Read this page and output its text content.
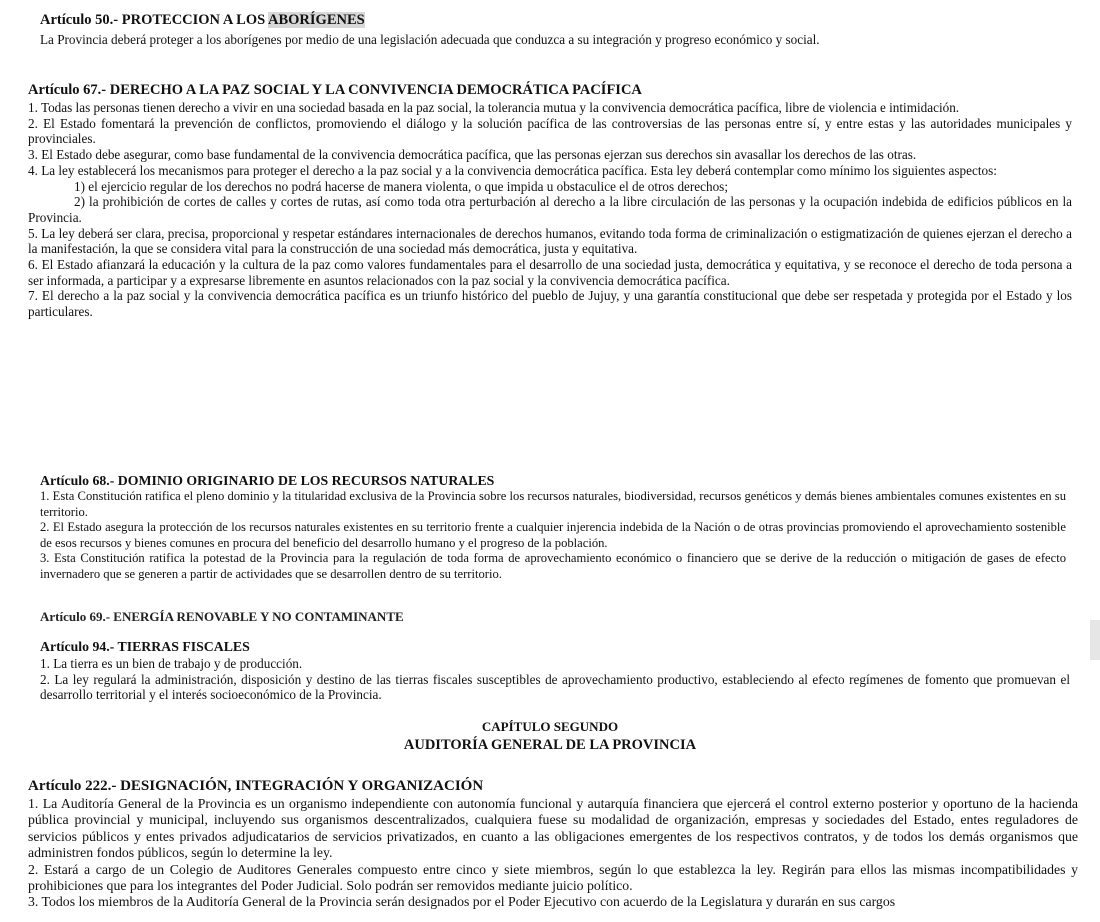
Artículo 50.- PROTECCION A LOS ABORÍGENES
La Provincia deberá proteger a los aborígenes por medio de una legislación adecuada que conduzca a su integración y progreso económico y social.
Artículo 67.- DERECHO A LA PAZ SOCIAL Y LA CONVIVENCIA DEMOCRÁTICA PACÍFICA
1. Todas las personas tienen derecho a vivir en una sociedad basada en la paz social, la tolerancia mutua y la convivencia democrática pacífica, libre de violencia e intimidación.
2. El Estado fomentará la prevención de conflictos, promoviendo el diálogo y la solución pacífica de las controversias de las personas entre sí, y entre estas y las autoridades municipales y provinciales.
3. El Estado debe asegurar, como base fundamental de la convivencia democrática pacífica, que las personas ejerzan sus derechos sin avasallar los derechos de las otras.
4. La ley establecerá los mecanismos para proteger el derecho a la paz social y a la convivencia democrática pacífica. Esta ley deberá contemplar como mínimo los siguientes aspectos:
1) el ejercicio regular de los derechos no podrá hacerse de manera violenta, o que impida u obstaculice el de otros derechos;
2) la prohibición de cortes de calles y cortes de rutas, así como toda otra perturbación al derecho a la libre circulación de las personas y la ocupación indebida de edificios públicos en la Provincia.
5. La ley deberá ser clara, precisa, proporcional y respetar estándares internacionales de derechos humanos, evitando toda forma de criminalización o estigmatización de quienes ejerzan el derecho a la manifestación, la que se considera vital para la construcción de una sociedad más democrática, justa y equitativa.
6. El Estado afianzará la educación y la cultura de la paz como valores fundamentales para el desarrollo de una sociedad justa, democrática y equitativa, y se reconoce el derecho de toda persona a ser informada, a participar y a expresarse libremente en asuntos relacionados con la paz social y la convivencia democrática pacífica.
7. El derecho a la paz social y la convivencia democrática pacífica es un triunfo histórico del pueblo de Jujuy, y una garantía constitucional que debe ser respetada y protegida por el Estado y los particulares.
Artículo 68.- DOMINIO ORIGINARIO DE LOS RECURSOS NATURALES
1. Esta Constitución ratifica el pleno dominio y la titularidad exclusiva de la Provincia sobre los recursos naturales, biodiversidad, recursos genéticos y demás bienes ambientales comunes existentes en su territorio.
2. El Estado asegura la protección de los recursos naturales existentes en su territorio frente a cualquier injerencia indebida de la Nación o de otras provincias promoviendo el aprovechamiento sostenible de esos recursos y bienes comunes en procura del beneficio del desarrollo humano y el progreso de la población.
3. Esta Constitución ratifica la potestad de la Provincia para la regulación de toda forma de aprovechamiento económico o financiero que se derive de la reducción o mitigación de gases de efecto invernadero que se generen a partir de actividades que se desarrollen dentro de su territorio.
Artículo 69.- ENERGÍA RENOVABLE Y NO CONTAMINANTE
Artículo 94.- TIERRAS FISCALES
1. La tierra es un bien de trabajo y de producción.
2. La ley regulará la administración, disposición y destino de las tierras fiscales susceptibles de aprovechamiento productivo, estableciendo al efecto regímenes de fomento que promuevan el desarrollo territorial y el interés socioeconómico de la Provincia.
CAPÍTULO SEGUNDO
AUDITORÍA GENERAL DE LA PROVINCIA
Artículo 222.- DESIGNACIÓN, INTEGRACIÓN Y ORGANIZACIÓN
1. La Auditoría General de la Provincia es un organismo independiente con autonomía funcional y autarquía financiera que ejercerá el control externo posterior y oportuno de la hacienda pública provincial y municipal, incluyendo sus organismos descentralizados, cualquiera fuese su modalidad de organización, empresas y sociedades del Estado, entes reguladores de servicios públicos y entes privados adjudicatarios de servicios privatizados, en cuanto a las obligaciones emergentes de los respectivos contratos, y de todos los demás organismos que administren fondos públicos, según lo determine la ley.
2. Estará a cargo de un Colegio de Auditores Generales compuesto entre cinco y siete miembros, según lo que establezca la ley. Regirán para ellos las mismas incompatibilidades y prohibiciones que para los integrantes del Poder Judicial. Solo podrán ser removidos mediante juicio político.
3. Todos los miembros de la Auditoría General de la Provincia serán designados por el Poder Ejecutivo con acuerdo de la Legislatura y durarán en sus cargos
